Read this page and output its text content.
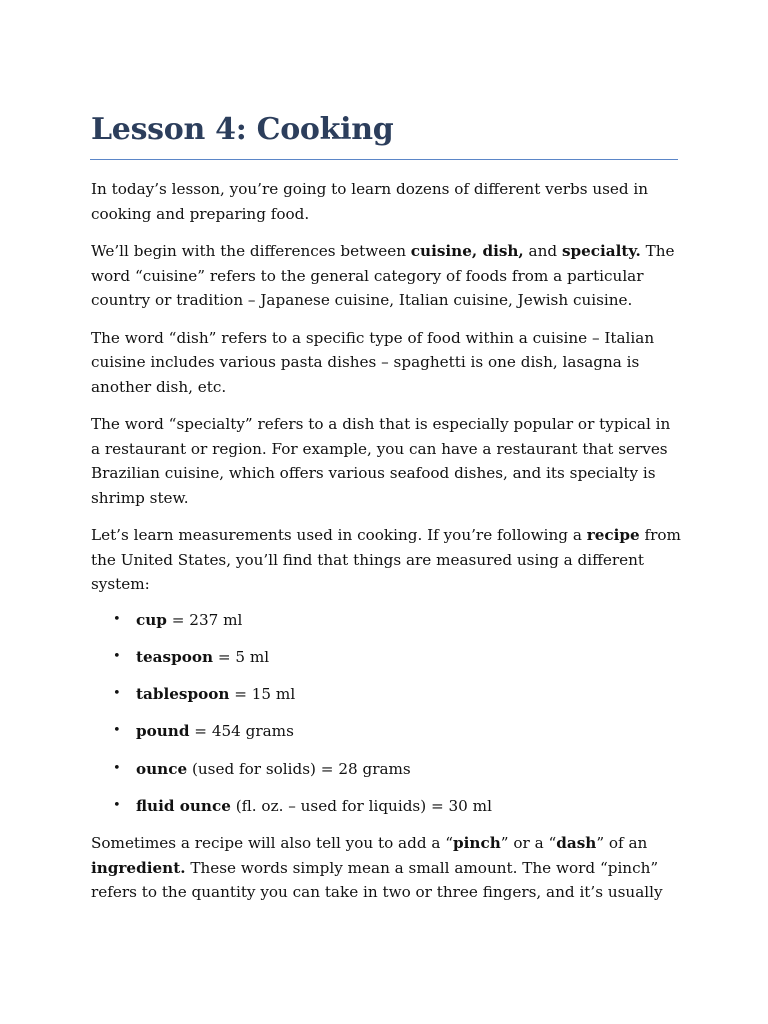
Lesson 4: Cooking

In today’s lesson, you’re going to learn dozens of different verbs used in cooking and preparing food.

We’ll begin with the differences between cuisine, dish, and specialty. The word “cuisine” refers to the general category of foods from a particular country or tradition – Japanese cuisine, Italian cuisine, Jewish cuisine.

The word “dish” refers to a specific type of food within a cuisine – Italian cuisine includes various pasta dishes – spaghetti is one dish, lasagna is another dish, etc.

The word “specialty” refers to a dish that is especially popular or typical in a restaurant or region. For example, you can have a restaurant that serves Brazilian cuisine, which offers various seafood dishes, and its specialty is shrimp stew.

Let’s learn measurements used in cooking. If you’re following a recipe from the United States, you’ll find that things are measured using a different system:

• cup = 237 ml
• teaspoon = 5 ml
• tablespoon = 15 ml
• pound = 454 grams
• ounce (used for solids) = 28 grams
• fluid ounce (fl. oz. – used for liquids) = 30 ml

Sometimes a recipe will also tell you to add a “pinch” or a “dash” of an ingredient. These words simply mean a small amount. The word “pinch” refers to the quantity you can take in two or three fingers, and it’s usually
